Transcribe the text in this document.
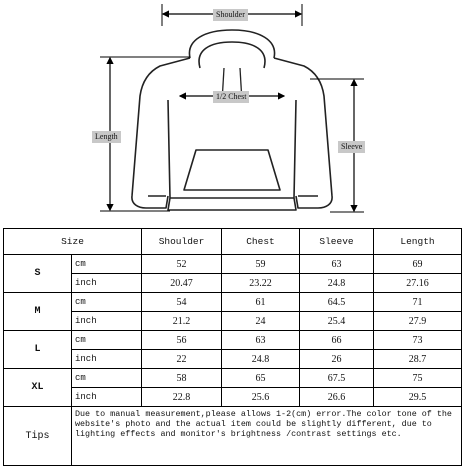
Shoulder
1/2 Chest
Length
Sleeve
Size		Shoulder	Chest	Sleeve	Length
S	cm	52	59	63	69
	inch	20.47	23.22	24.8	27.16
M	cm	54	61	64.5	71
	inch	21.2	24	25.4	27.9
L	cm	56	63	66	73
	inch	22	24.8	26	28.7
XL	cm	58	65	67.5	75
	inch	22.8	25.6	26.6	29.5
Tips	Due to manual measurement,please allows 1-2(cm) error.The color tone of the website's photo and the actual item could be slightly different, due to lighting effects and monitor's brightness /contrast settings etc.				
